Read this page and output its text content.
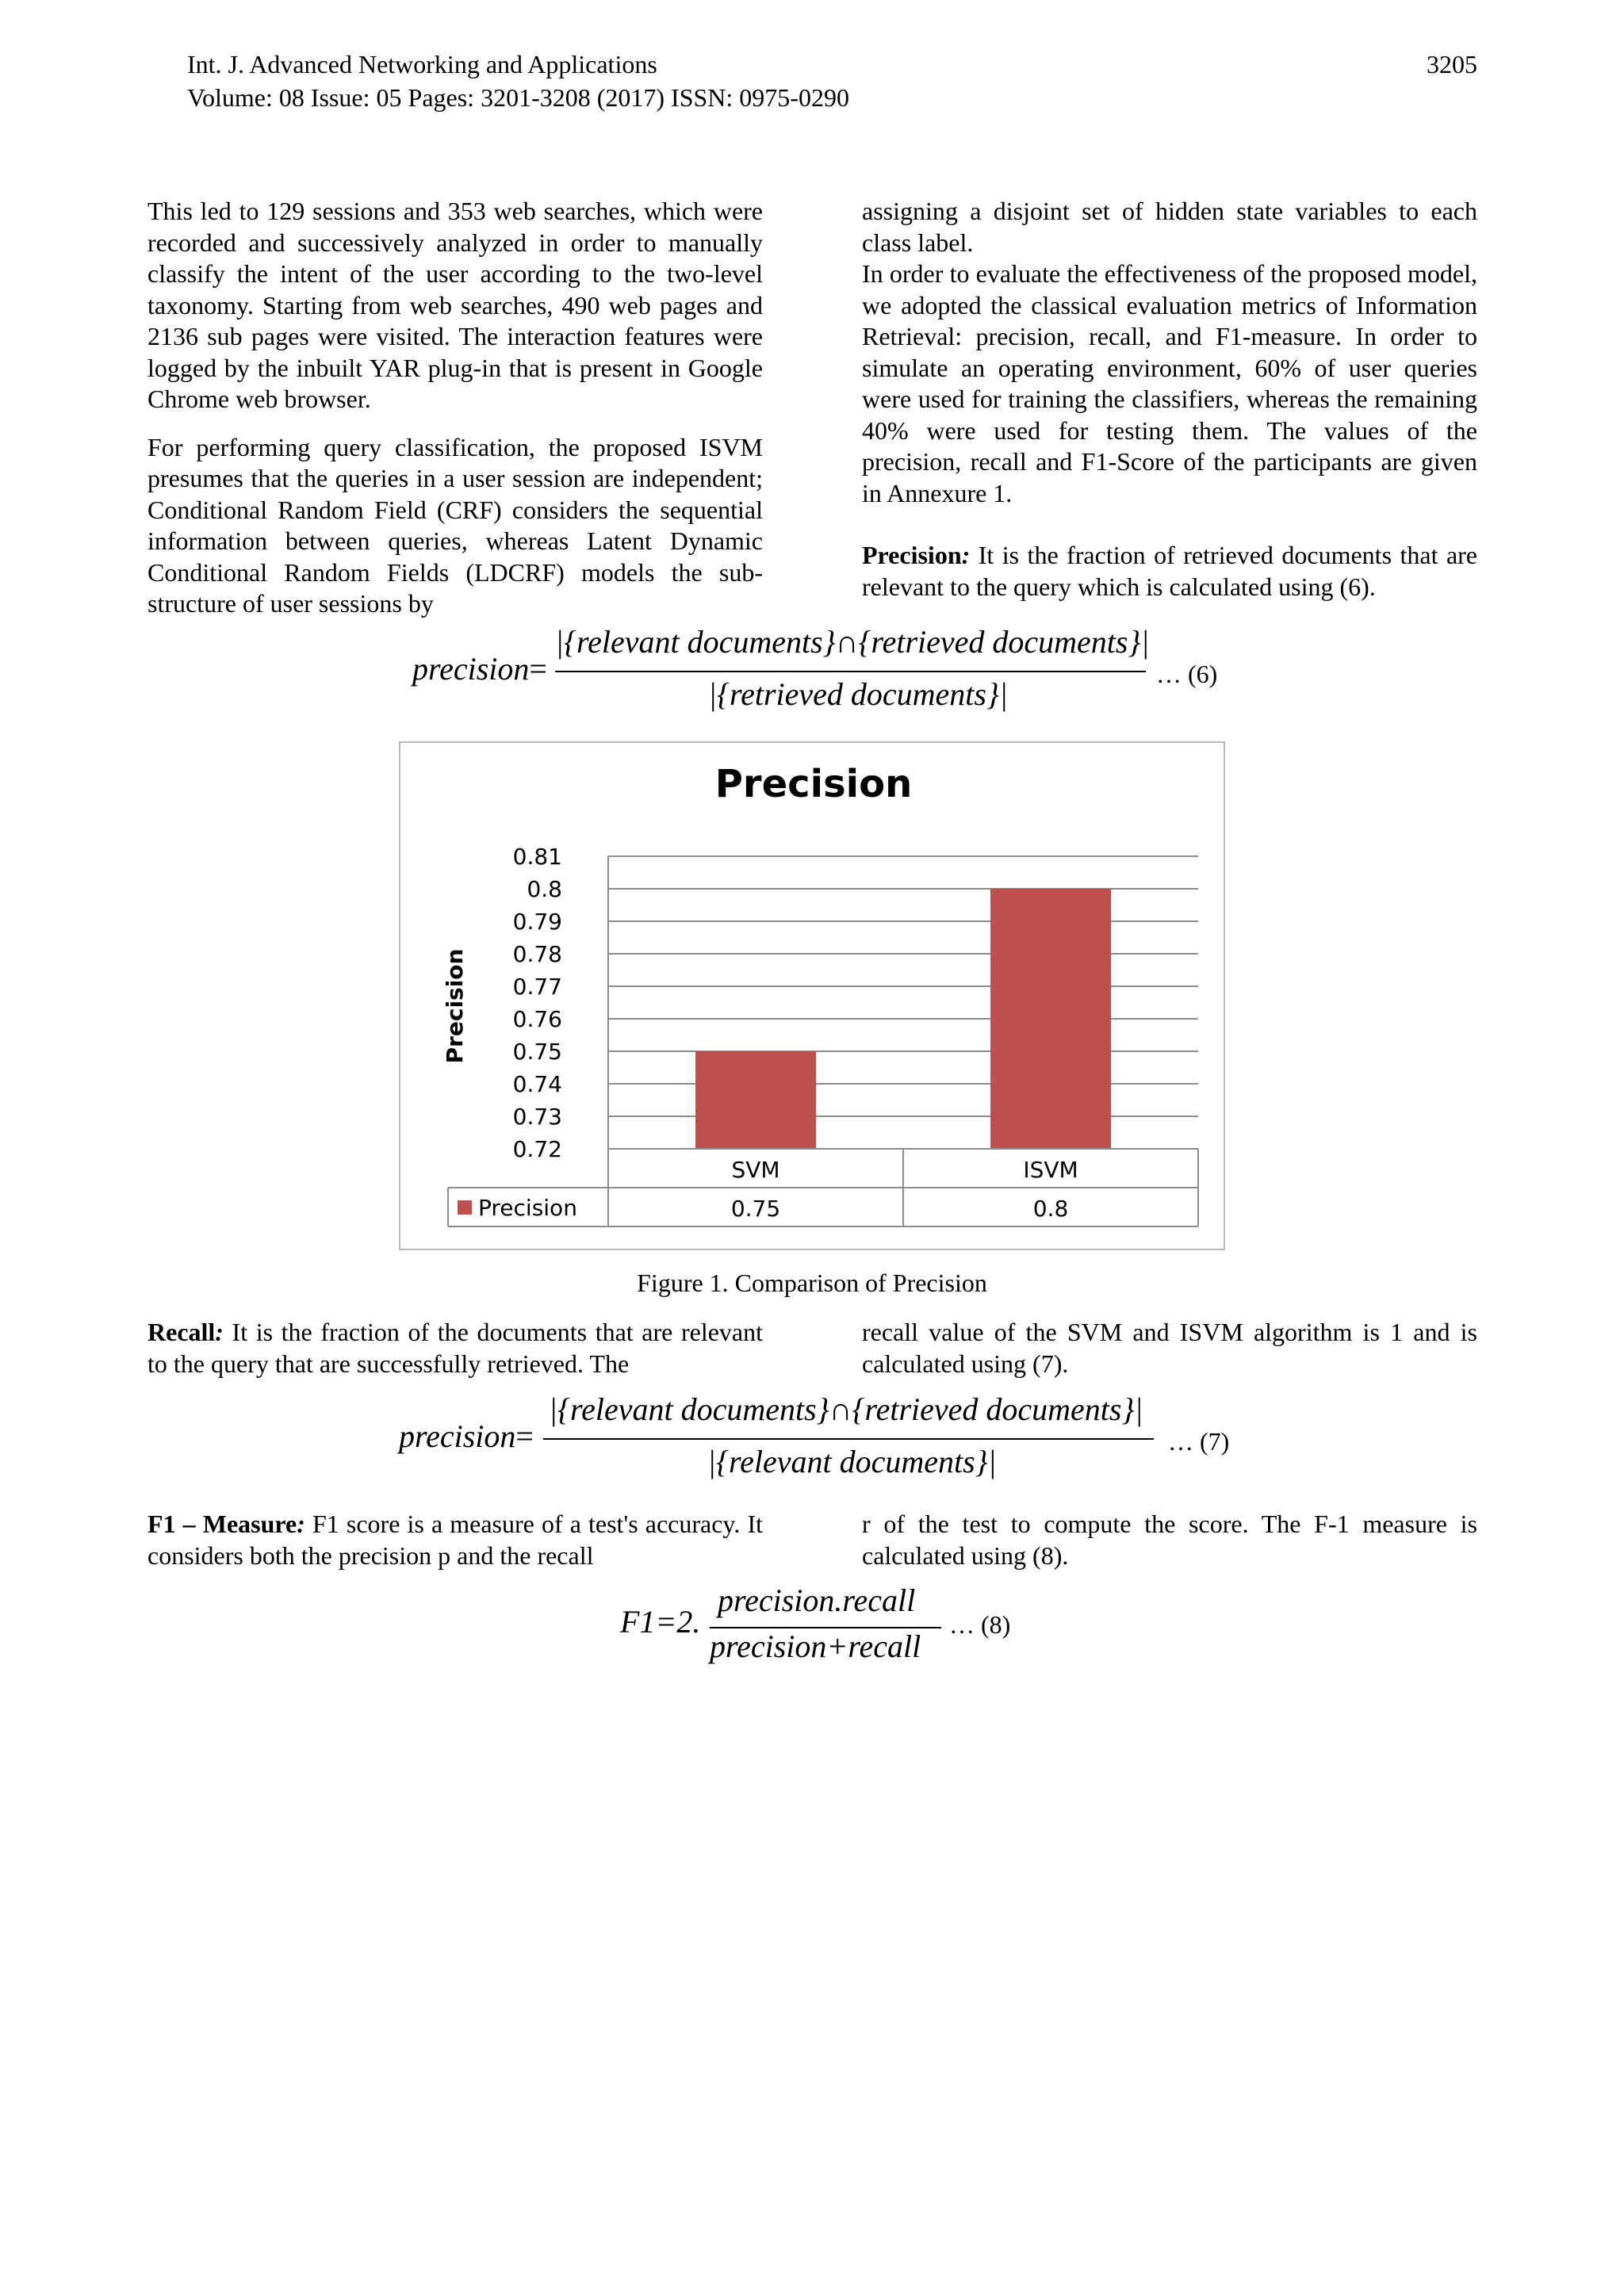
Int. J. Advanced Networking and Applications
Volume: 08 Issue: 05 Pages: 3201-3208 (2017) ISSN: 0975-0290
3205

This led to 129 sessions and 353 web searches, which were recorded and successively analyzed in order to manually classify the intent of the user according to the two-level taxonomy. Starting from web searches, 490 web pages and 2136 sub pages were visited. The interaction features were logged by the inbuilt YAR plug-in that is present in Google Chrome web browser.

For performing query classification, the proposed ISVM presumes that the queries in a user session are independent; Conditional Random Field (CRF) considers the sequential information between queries, whereas Latent Dynamic Conditional Random Fields (LDCRF) models the sub-structure of user sessions by

assigning a disjoint set of hidden state variables to each class label.

In order to evaluate the effectiveness of the proposed model, we adopted the classical evaluation metrics of Information Retrieval: precision, recall, and F1-measure. In order to simulate an operating environment, 60% of user queries were used for training the classifiers, whereas the remaining 40% were used for testing them. The values of the precision, recall and F1-Score of the participants are given in Annexure 1.

Precision: It is the fraction of retrieved documents that are relevant to the query which is calculated using (6).

precision=
|{relevant documents}∩{retrieved documents}|
|{retrieved documents}|
… (6)
Precision
Precision
0.81
0.8
0.79
0.78
0.77
0.76
0.75
0.74
0.73
0.72
SVM
0.75
ISVM
0.8
Precision
Figure 1. Comparison of Precision

Recall: It is the fraction of the documents that are relevant to the query that are successfully retrieved. The

recall value of the SVM and ISVM algorithm is 1 and is calculated using (7).

precision=
|{relevant documents}∩{retrieved documents}|
|{relevant documents}|
… (7)

F1 – Measure: F1 score is a measure of a test's accuracy. It considers both the precision p and the recall

r of the test to compute the score. The F-1 measure is calculated using (8).

F1=2.
precision.recall
precision+recall
… (8)
